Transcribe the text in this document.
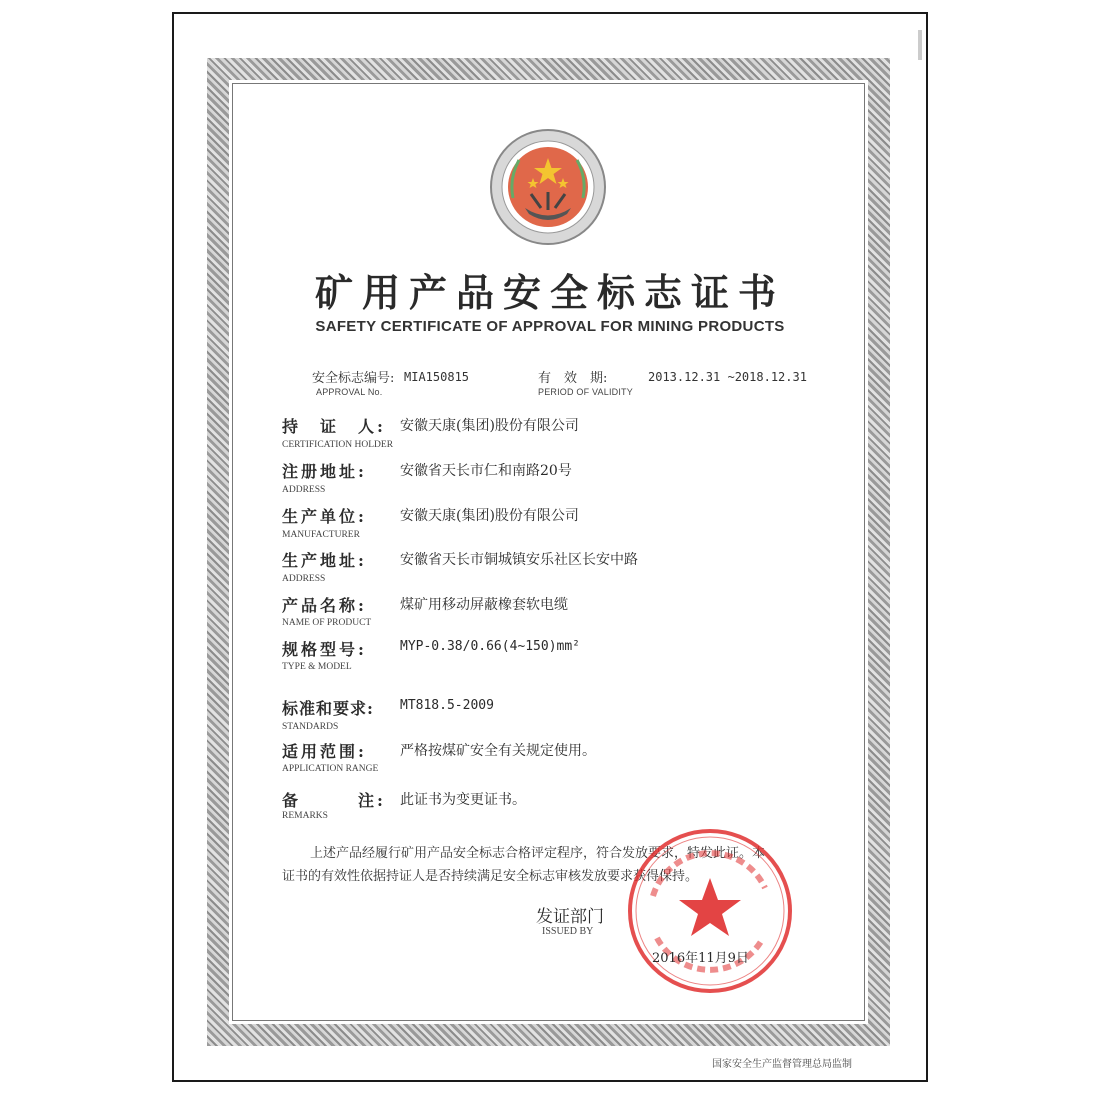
矿用产品安全标志证书
SAFETY CERTIFICATE OF APPROVAL FOR MINING PRODUCTS
安全标志编号:
APPROVAL No.
MIA150815	有　效　期:
PERIOD OF VALIDITY
2013.12.31 ~2018.12.31
持　证　人: 安徽天康(集团)股份有限公司
CERTIFICATION HOLDER
注册地址: 安徽省天长市仁和南路20号
ADDRESS
生产单位: 安徽天康(集团)股份有限公司
MANUFACTURER
生产地址: 安徽省天长市铜城镇安乐社区长安中路
ADDRESS
产品名称: 煤矿用移动屏蔽橡套软电缆
NAME OF PRODUCT
规格型号:	MYP-0.38/0.66(4~150)mm²
TYPE & MODEL
标准和要求: MT818.5-2009
STANDARDS
适用范围: 严格按煤矿安全有关规定使用。
APPLICATION RANGE
备　　　注: 此证书为变更证书。
REMARKS
上述产品经履行矿用产品安全标志合格评定程序，符合发放要求，特发此证。本
证书的有效性依据持证人是否持续满足安全标志审核发放要求获得保持。
发证部门
ISSUED BY
2016年11月9日
国家安全生产监督管理总局监制
